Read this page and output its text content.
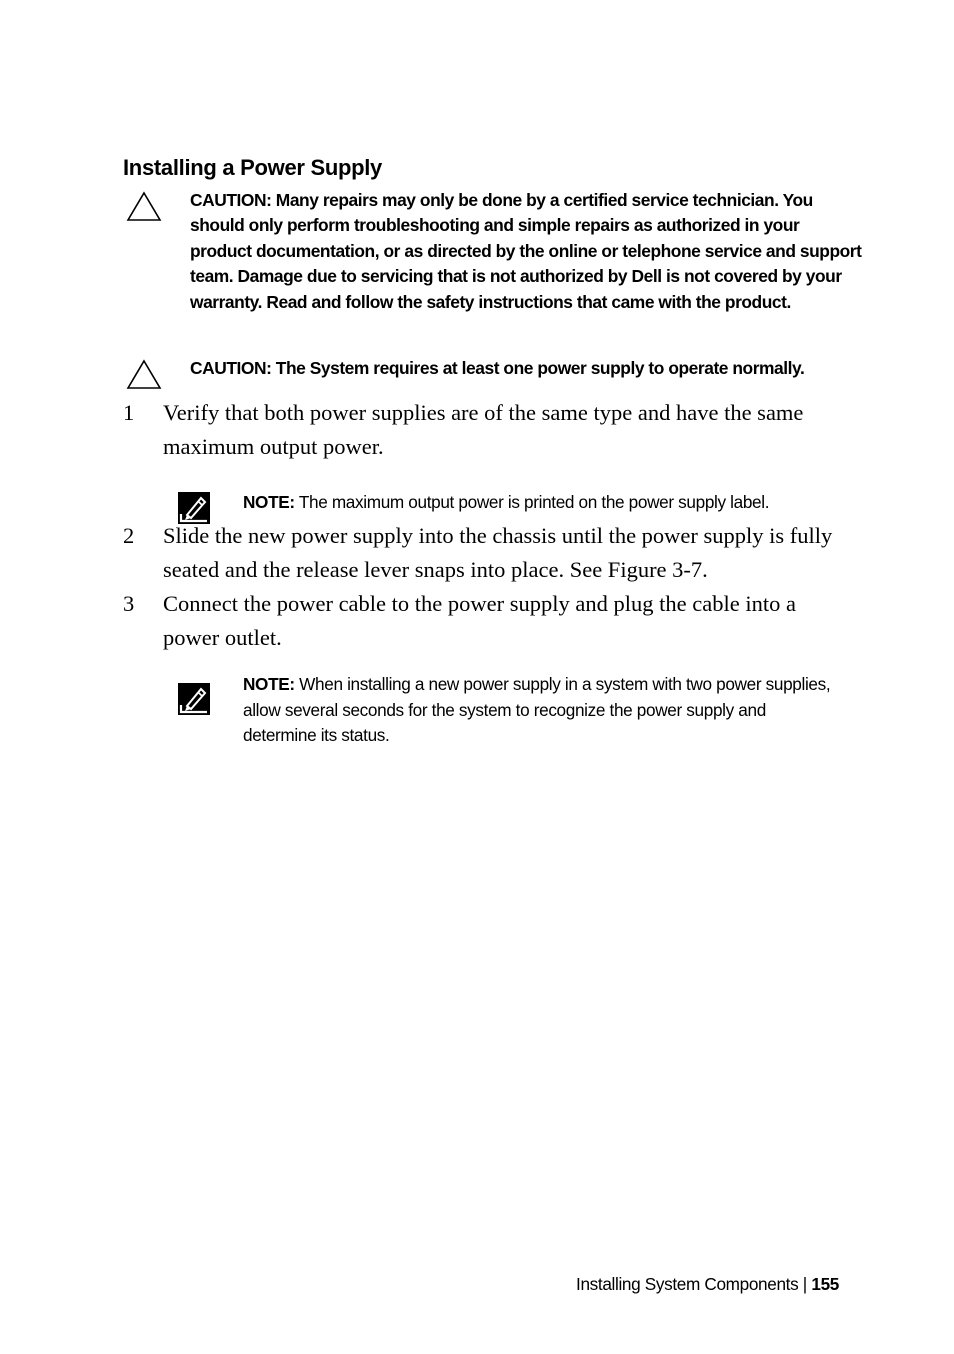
Installing a Power Supply
CAUTION: Many repairs may only be done by a certified service technician. You should only perform troubleshooting and simple repairs as authorized in your product documentation, or as directed by the online or telephone service and support team. Damage due to servicing that is not authorized by Dell is not covered by your warranty. Read and follow the safety instructions that came with the product.
CAUTION: The System requires at least one power supply to operate normally.
1 Verify that both power supplies are of the same type and have the same maximum output power.
NOTE: The maximum output power is printed on the power supply label.
2 Slide the new power supply into the chassis until the power supply is fully seated and the release lever snaps into place. See Figure 3-7.
3 Connect the power cable to the power supply and plug the cable into a power outlet.
NOTE: When installing a new power supply in a system with two power supplies, allow several seconds for the system to recognize the power supply and determine its status.
Installing System Components | 155
